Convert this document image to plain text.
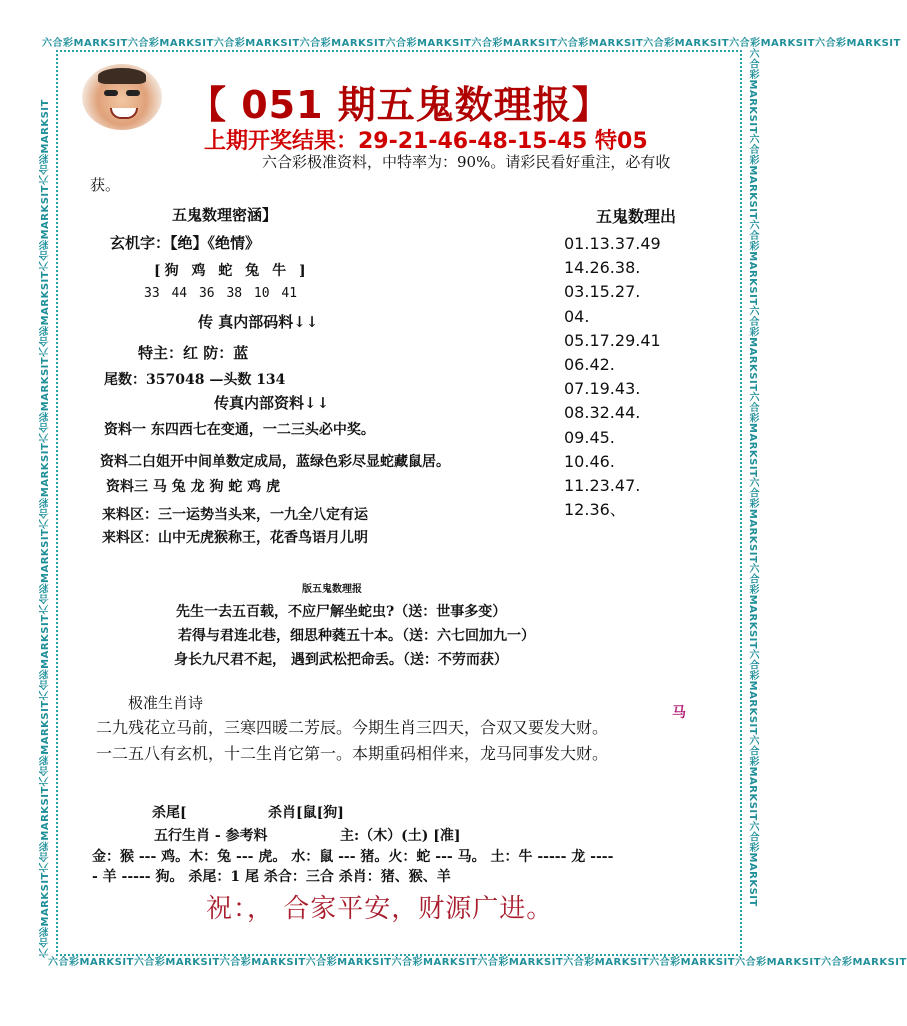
六合彩MARKSIT六合彩MARKSIT六合彩MARKSIT六合彩MARKSIT六合彩MARKSIT六合彩MARKSIT六合彩MARKSIT六合彩MARKSIT六合彩MARKSIT六合彩MARKSIT
六合彩MARKSIT六合彩MARKSIT六合彩MARKSIT六合彩MARKSIT六合彩MARKSIT六合彩MARKSIT六合彩MARKSIT六合彩MARKSIT六合彩MARKSIT六合彩MARKSIT
六合彩MARKSIT六合彩MARKSIT六合彩MARKSIT六合彩MARKSIT六合彩MARKSIT六合彩MARKSIT六合彩MARKSIT六合彩MARKSIT六合彩MARKSIT六合彩MARKSIT	六合彩MARKSIT六合彩MARKSIT六合彩MARKSIT六合彩MARKSIT六合彩MARKSIT六合彩MARKSIT六合彩MARKSIT六合彩MARKSIT六合彩MARKSIT六合彩MARKSIT
【 051 期五鬼数理报】
上期开奖结果：29-21-46-48-15-45 特05
六合彩极准资料，中特率为：90%。请彩民看好重注，必有收
获。
五鬼数理密涵】	五鬼数理出
玄机字：【绝】《绝情》
[狗 鸡 蛇 兔 牛 ]
33 44 36 38 10 41
传 真内部码料↓↓
特主：红 防：蓝
尾数：357048 —头数 134
传真内部资料↓↓
资料一 东四西七在变通，一二三头必中奖。
资料二白姐开中间单数定成局，蓝绿色彩尽显蛇藏鼠居。
资料三 马 兔 龙 狗 蛇 鸡 虎
来料区：三一运势当头来，一九全八定有运
来料区：山中无虎猴称王，花香鸟语月儿明
01.13.37.49
14.26.38.
03.15.27.
04.
05.17.29.41
06.42.
07.19.43.
08.32.44.
09.45.
10.46.
11.23.47.
12.36、
版五鬼数理报
先生一去五百载，不应尸解坐蛇虫?（送：世事多变）
若得与君连北巷，细思种蕤五十本。（送：六七回加九一）
身长九尺君不起， 遇到武松把命丢。（送：不劳而获）
极准生肖诗
二九残花立马前，三寒四暖二芳辰。今期生肖三四天，合双又要发大财。
一二五八有玄机，十二生肖它第一。本期重码相伴来，龙马同事发大财。
马
杀尾[	杀肖[鼠[狗]
五行生肖 - 参考料	主:（木）(土) [准]
金：猴 --- 鸡。木：兔 --- 虎。 水：鼠 --- 猪。火：蛇 --- 马。 土：牛 ----- 龙 ----
- 羊 ----- 狗。 杀尾：1 尾 杀合：三合 杀肖：猪、猴、羊
祝：， 合家平安，财源广进。
